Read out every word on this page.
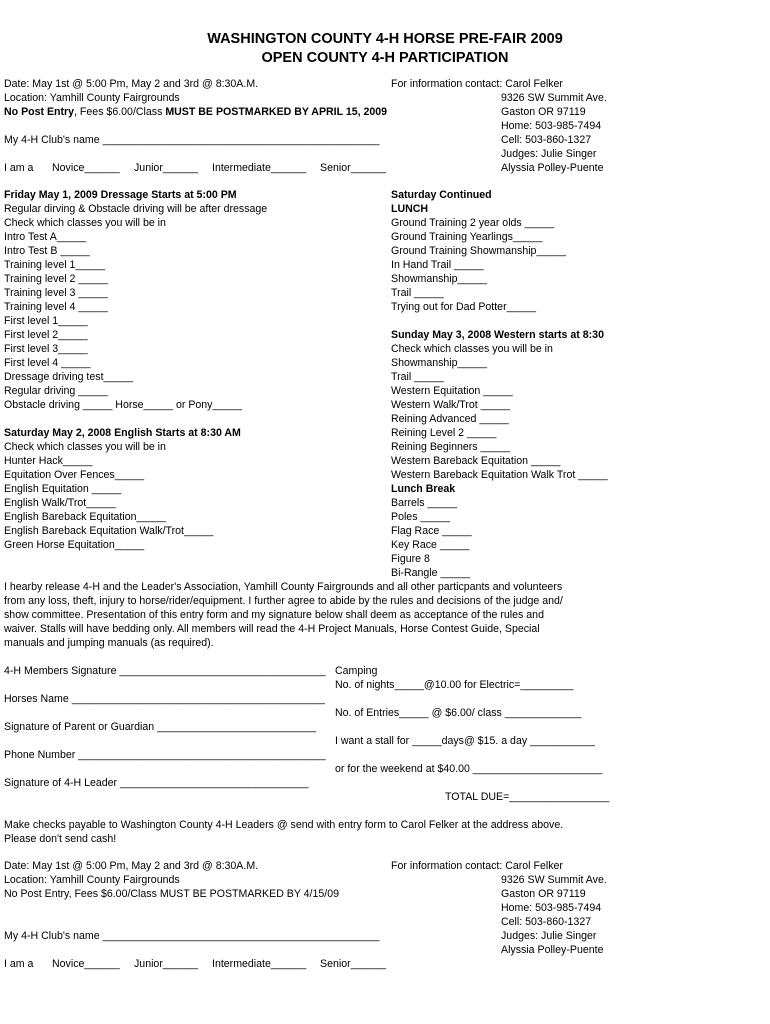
WASHINGTON COUNTY 4-H HORSE PRE-FAIR 2009
OPEN COUNTY 4-H PARTICIPATION
Date: May 1st @ 5:00 Pm, May 2 and 3rd @ 8:30A.M.
Location: Yamhill County Fairgrounds
No Post Entry, Fees $6.00/Class MUST BE POSTMARKED BY APRIL 15, 2009
My 4-H Club's name _______________________________________________
I am a Novice______ Junior______ Intermediate______ Senior______
For information contact: Carol Felker
9326 SW Summit Ave.
Gaston OR 97119
Home: 503-985-7494
Cell: 503-860-1327
Judges: Julie Singer
Alyssia Polley-Puente
Friday May 1, 2009 Dressage Starts at 5:00 PM
Regular dirving & Obstacle driving will be after dressage
Check which classes you will be in
Intro Test A_____
Intro Test B _____
Training level 1_____
Training level 2 _____
Training level 3 _____
Training level 4 _____
First level 1_____
First level 2_____
First level 3_____
First level 4 _____
Dressage driving test_____
Regular driving _____
Obstacle driving _____ Horse_____ or Pony_____
Saturday May 2, 2008 English Starts at 8:30 AM
Check which classes you will be in
Hunter Hack_____
Equitation Over Fences_____
English Equitation _____
English Walk/Trot_____
English Bareback Equitation_____
English Bareback Equitation Walk/Trot_____
Green Horse Equitation_____
Saturday Continued
LUNCH
Ground Training 2 year olds _____
Ground Training Yearlings_____
Ground Training Showmanship_____
In Hand Trail _____
Showmanship_____
Trail _____
Trying out for Dad Potter_____
Sunday May 3, 2008 Western starts at 8:30
Check which classes you will be in
Showmanship_____
Trail _____
Western Equitation _____
Western Walk/Trot _____
Reining Advanced _____
Reining Level 2 _____
Reining Beginners _____
Western Bareback Equitation _____
Western Bareback Equitation Walk Trot _____
Lunch Break
Barrels _____
Poles _____
Flag Race _____
Key Race _____
Figure 8
Bi-Rangle _____
I hearby release 4-H and the Leader's Association, Yamhill County Fairgrounds and all other particpants and volunteers
from any loss, theft, injury to horse/rider/equipment. I further agree to abide by the rules and decisions of the judge and/
show committee. Presentation of this entry form and my signature below shall deem as acceptance of the rules and
waiver. Stalls will have bedding only. All members will read the 4-H Project Manuals, Horse Contest Guide, Special
manuals and jumping manuals (as required).
4-H Members Signature ___________________________________
Horses Name ___________________________________________
Signature of Parent or Guardian ___________________________
Phone Number __________________________________________
Signature of 4-H Leader ________________________________
Camping
No. of nights_____@10.00 for Electric=_________
No. of Entries_____ @ $6.00/ class _____________
I want a stall for _____days@ $15. a day ___________
or for the weekend at $40.00 ______________________
TOTAL DUE=_________________
Make checks payable to Washington County 4-H Leaders @ send with entry form to Carol Felker at the address above.
Please don't send cash!
Date: May 1st @ 5:00 Pm, May 2 and 3rd @ 8:30A.M.
Location: Yamhill County Fairgrounds
No Post Entry, Fees $6.00/Class MUST BE POSTMARKED BY 4/15/09
My 4-H Club's name _______________________________________________
I am a Novice______ Junior______ Intermediate______ Senior______
For information contact: Carol Felker
9326 SW Summit Ave.
Gaston OR 97119
Home: 503-985-7494
Cell: 503-860-1327
Judges: Julie Singer
Alyssia Polley-Puente
